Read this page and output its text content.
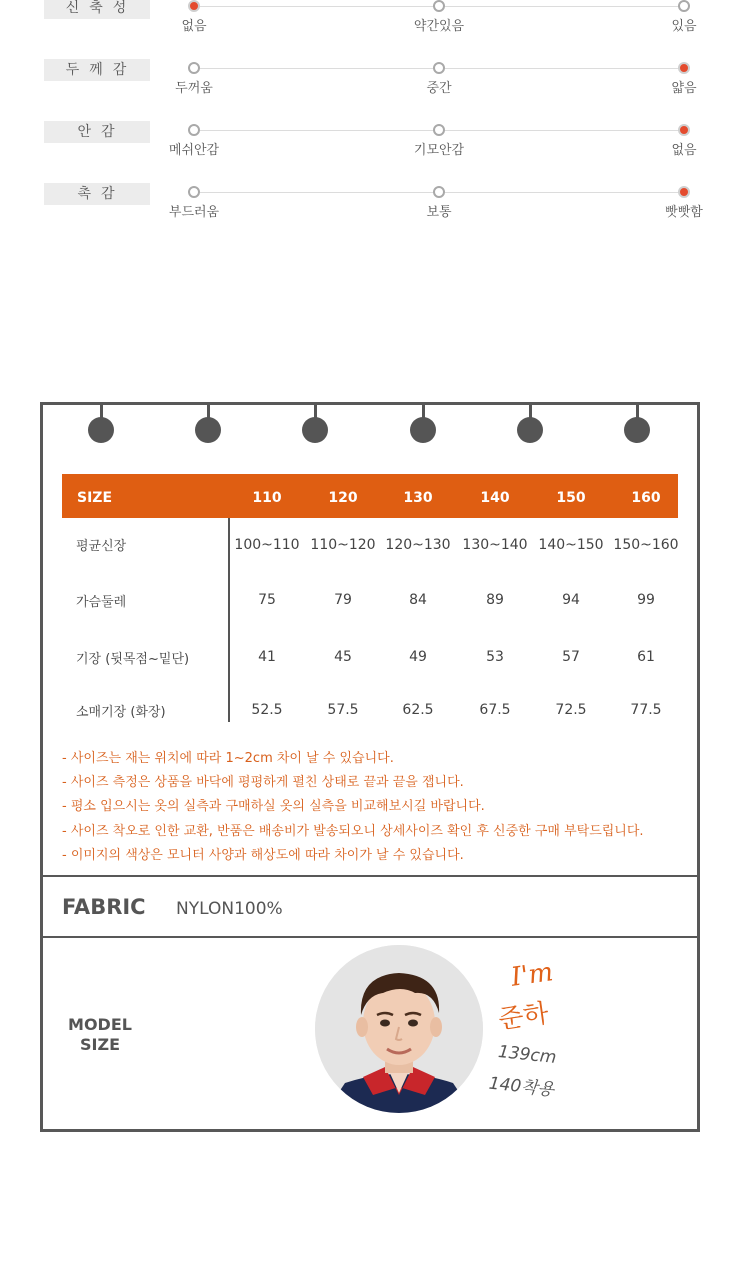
신축성
없음	약간있음	있음
두께감
두꺼움	중간	얇음
안감
메쉬안감	기모안감	없음
촉감
부드러움	보통	빳빳함
SIZE	110	120	130	140	150	160
평균신장	100~110 110~120 120~130 130~140 140~150 150~160
가슴둘레	75	79	84	89	94	99
기장 (뒷목점~밑단)	41	45	49	53	57	61
소매기장 (화장)	52.5	57.5	62.5	67.5	72.5	77.5
- 사이즈는 재는 위치에 따라 1~2cm 차이 날 수 있습니다.
- 사이즈 측정은 상품을 바닥에 평평하게 펼친 상태로 끝과 끝을 잽니다.
- 평소 입으시는 옷의 실측과 구매하실 옷의 실측을 비교해보시길 바랍니다.
- 사이즈 착오로 인한 교환, 반품은 배송비가 발송되오니 상세사이즈 확인 후 신중한 구매 부탁드립니다.
- 이미지의 색상은 모니터 사양과 해상도에 따라 차이가 날 수 있습니다.
FABRIC NYLON100%
MODEL
SIZE
I'm
준하
139cm
140착용
